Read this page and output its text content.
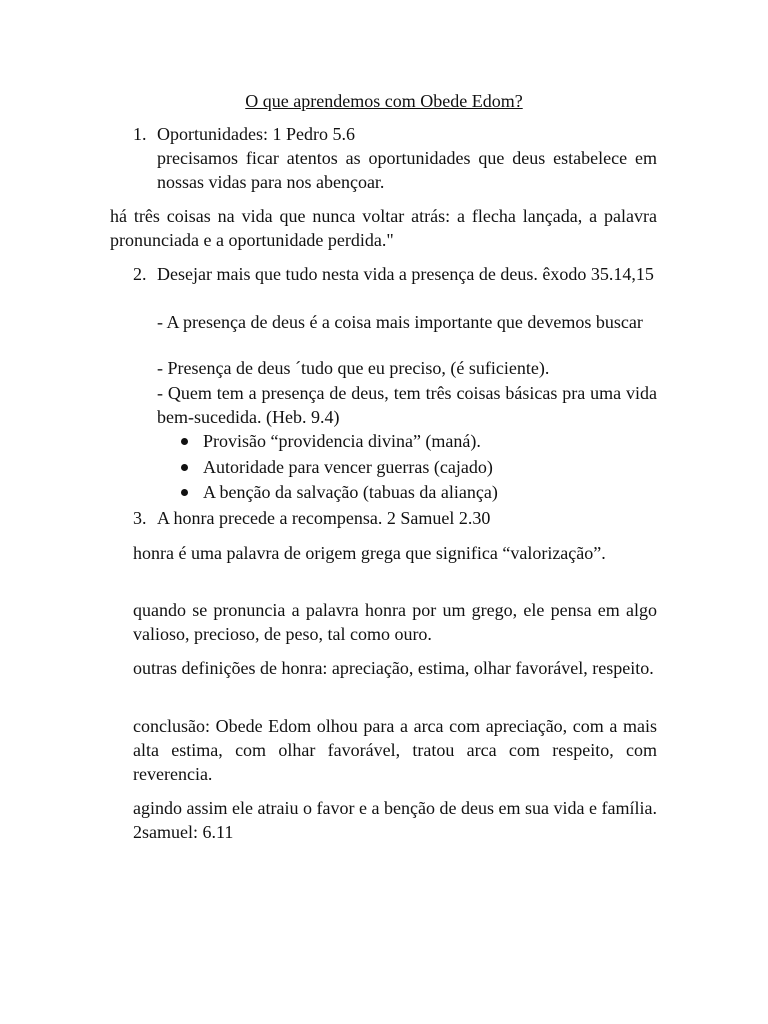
O que aprendemos com Obede Edom?
1. Oportunidades: 1 Pedro 5.6
precisamos ficar atentos as oportunidades que deus estabelece em nossas vidas para nos abençoar.
há três coisas na vida que nunca voltar atrás: a flecha lançada, a palavra pronunciada e a oportunidade perdida."
2. Desejar mais que tudo nesta vida a presença de deus. êxodo 35.14,15
- A presença de deus é a coisa mais importante que devemos buscar
- Presença de deus ´tudo que eu preciso, (é suficiente).
- Quem tem a presença de deus, tem três coisas básicas pra uma vida bem-sucedida. (Heb. 9.4)
Provisão “providencia divina” (maná).
Autoridade para vencer guerras (cajado)
A benção da salvação (tabuas da aliança)
3. A honra precede a recompensa. 2 Samuel 2.30
honra é uma palavra de origem grega que significa “valorização”.
quando se pronuncia a palavra honra por um grego, ele pensa em algo valioso, precioso, de peso, tal como ouro.
outras definições de honra: apreciação, estima, olhar favorável, respeito.
conclusão: Obede Edom olhou para a arca com apreciação, com a mais alta estima, com olhar favorável, tratou arca com respeito, com reverencia.
agindo assim ele atraiu o favor e a benção de deus em sua vida e família. 2samuel: 6.11
